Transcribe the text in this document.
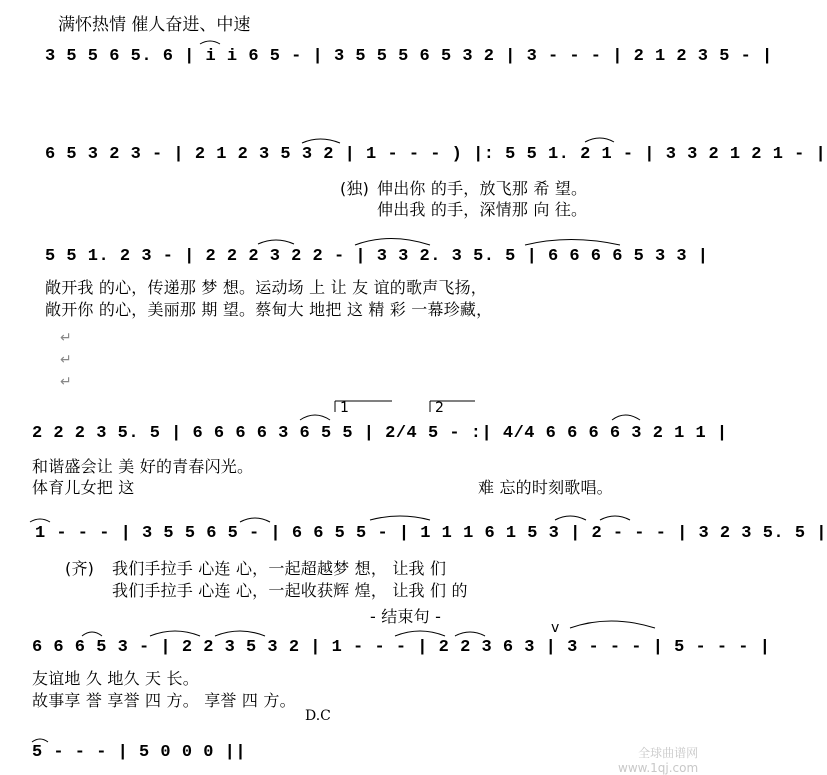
满怀热情 催人奋进、中速
3 5 5 6 5. 6 | i i 6 5 - | 3 5 5 5 6 5 3 2 | 3 - - - | 2 1 2 3 5 - |
6 5 3 2 3 - | 2 1 2 3 5 3 2 | 1 - - - ) |: 5 5 1. 2 1 - | 3 3 2 1 2 1 - |
5 5 1. 2 3 - | 2 2 2 3 2 2 - | 3 3 2. 3 5. 5 | 6 6 6 6 5 3 3 |
2 2 2 3 5. 5 | 6 6 6 6 3 6 5 5 | 2/4 5 - :| 4/4 6 6 6 6 3 2 1 1 |
1 - - - | 3 5 5 6 5 - | 6 6 5 5 - | 1 1 1 6 1 5 3 | 2 - - - | 3 2 3 5. 5 |
6 6 6 5 3 - | 2 2 3 5 3 2 | 1 - - - | 2 2 3 6 3 | 3 - - - | 5 - - - |
5 - - - | 5 0 0 0 ||
(独) 伸出你 的手，放飞那 希 望。
伸出我 的手，深情那 向 往。
敞开我 的心，传递那 梦 想。运动场 上 让 友 谊的歌声飞扬，
敞开你 的心，美丽那 期 望。蔡甸大 地把 这 精 彩 一幕珍藏，
↵
↵
↵
1	2
和谐盛会让 美 好的青春闪光。
体育儿女把 这	难 忘的时刻歌唱。
(齐) 我们手拉手 心连 心，一起超越梦 想， 让我 们
我们手拉手 心连 心，一起收获辉 煌， 让我 们 的
- 结束句 -
v
友谊地 久 地久 天 长。
故事享 誉 享誉 四 方。 享誉 四 方。
D.C
全球曲谱网
www.1qj.com
